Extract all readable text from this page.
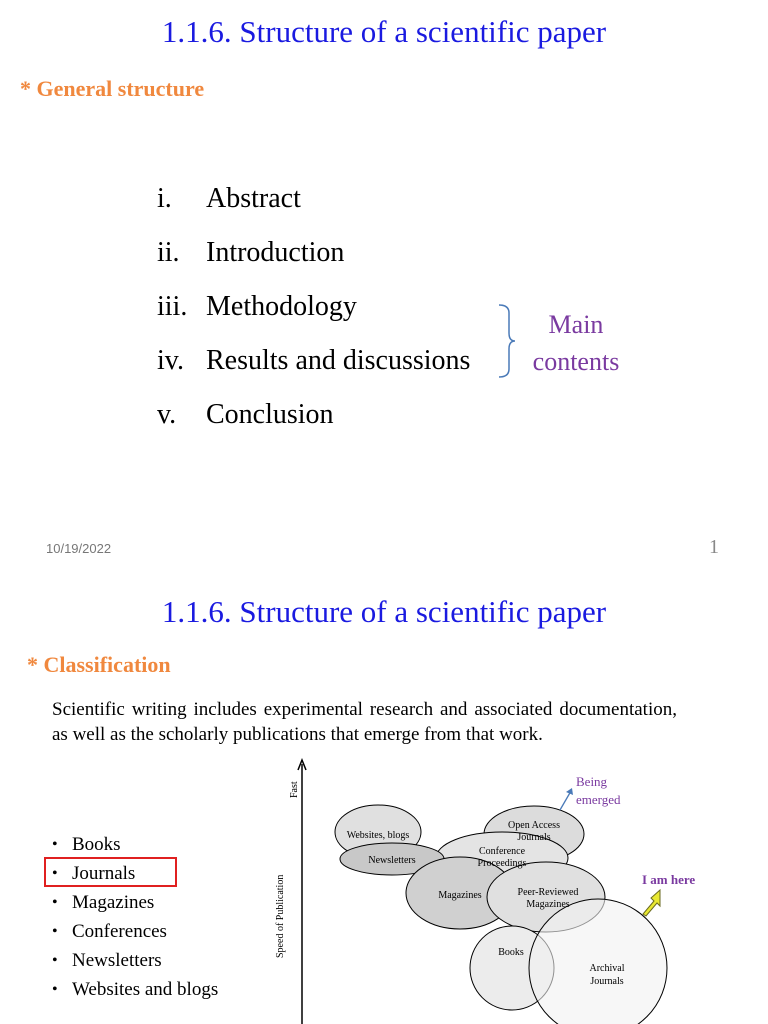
1.1.6. Structure of a scientific paper
* General structure
i. Abstract
ii. Introduction
iii. Methodology
iv. Results and discussions
v. Conclusion
Main
contents
10/19/2022	1
1.1.6. Structure of a scientific paper
* Classification
Scientific writing includes experimental research and associated documentation, as well as the scholarly publications that emerge from that work.
• Books
• Journals
• Magazines
• Conferences
• Newsletters
• Websites and blogs
Fast
Speed of Publication
Websites, blogs
Newsletters
Open Access
Journals
Conference
Proceedings
Magazines	Peer-Reviewed
Magazines
Books
Archival
Journals
Being
emerged
I am here
